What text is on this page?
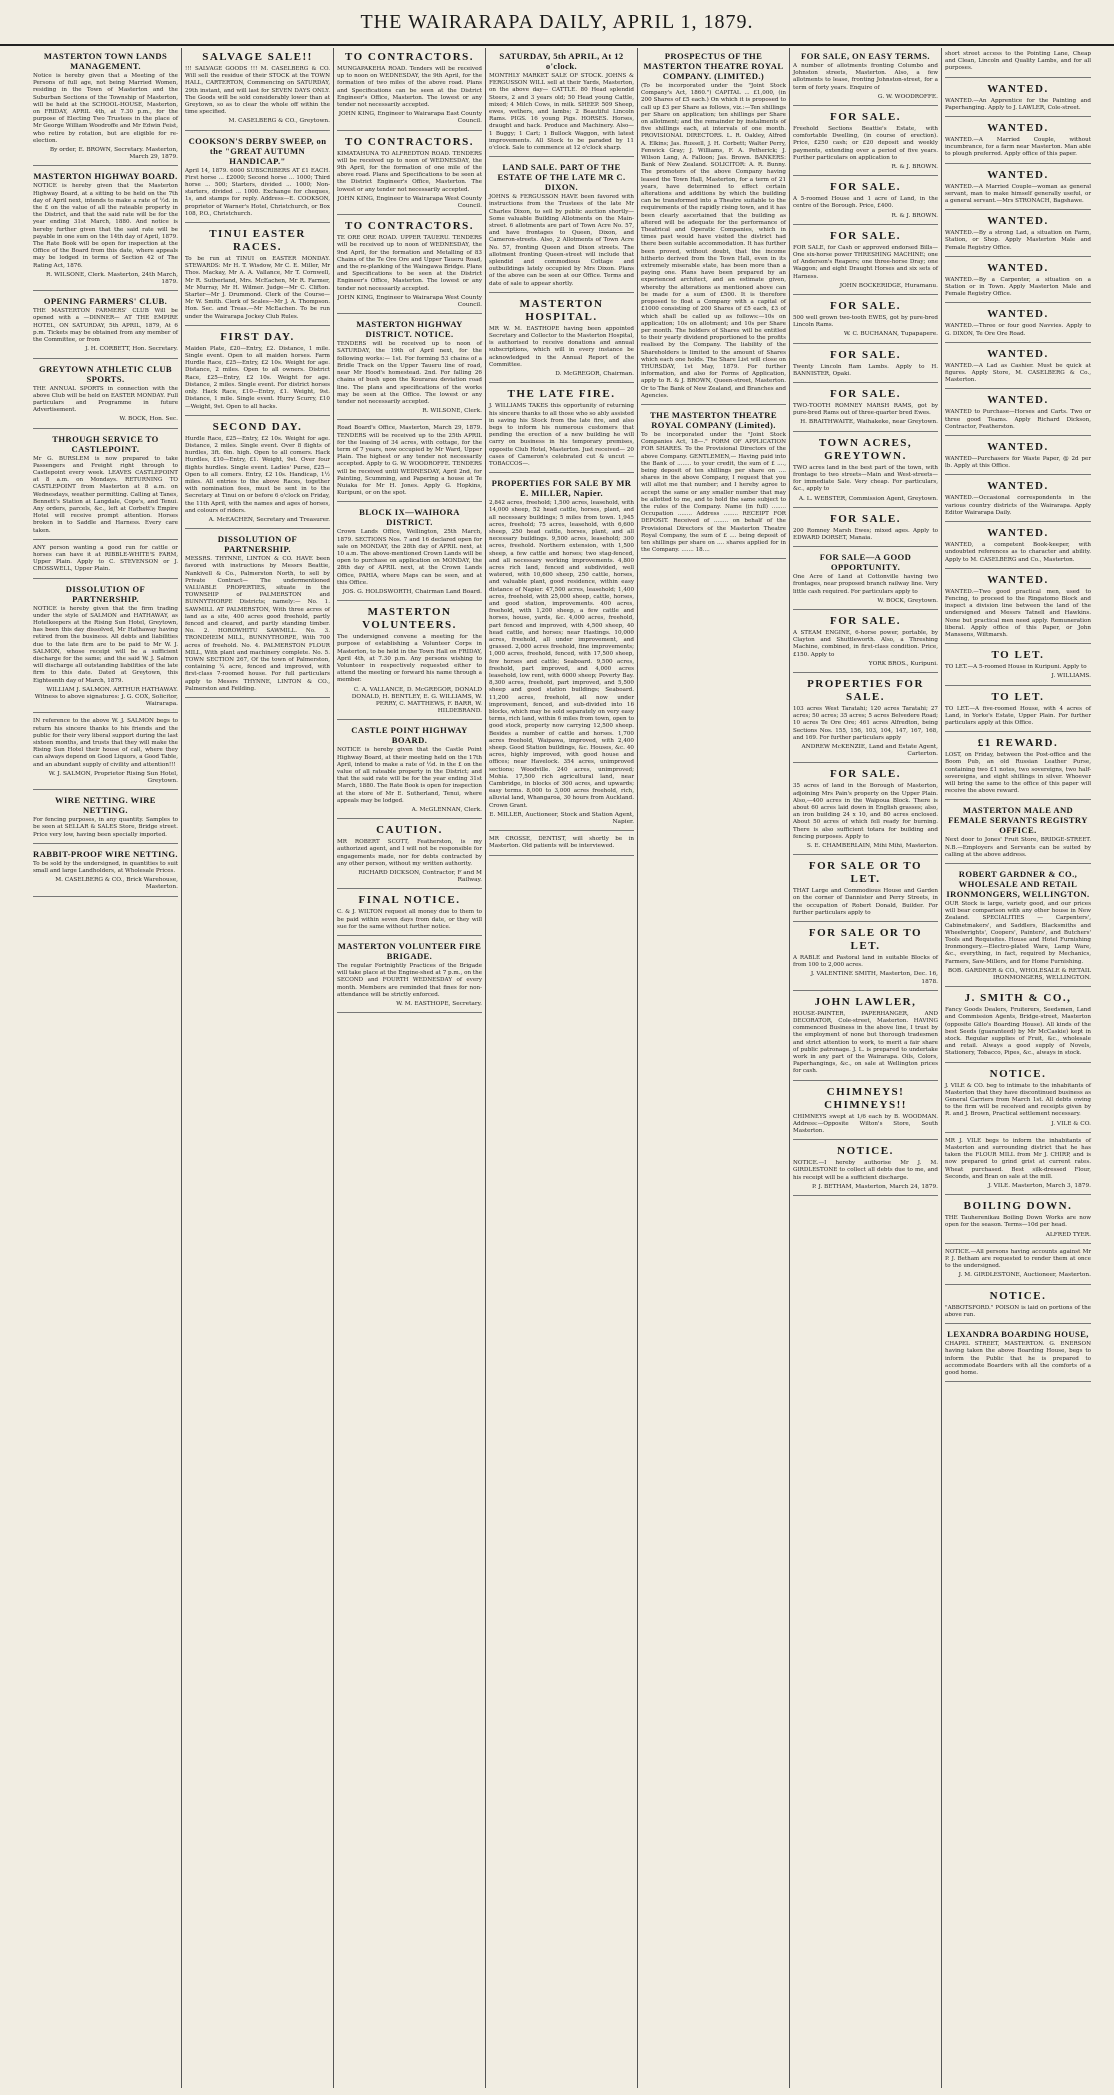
THE WAIRARAPA DAILY, APRIL 1, 1879.
MASTERTON TOWN LANDS MANAGEMENT.

Notice is hereby given that a Meeting of the Persons of full age, not being Married Women, residing in the Town of Masterton and the Suburban Sections of the Township of Masterton, will be held at the SCHOOL-HOUSE, Masterton, on FRIDAY, APRIL 4th, at 7.30 p.m., for the purpose of Electing Two Trustees in the place of Mr George William Woodroffe and Mr Edwin Feist, who retire by rotation, but are eligible for re-election.

By order, E. BROWN, Secretary. Masterton, March 29, 1879.
MASTERTON HIGHWAY BOARD.

NOTICE is hereby given that the Masterton Highway Board, at a sitting to be held on the 7th day of April next, intends to make a rate of ½d. in the £ on the value of all the rateable property in the District, and that the said rate will be for the year ending 31st March, 1880. And notice is hereby further given that the said rate will be payable in one sum on the 14th day of April, 1879. The Rate Book will be open for inspection at the Office of the Board from this date, where appeals may be lodged in terms of Section 42 of The Rating Act, 1876.

R. WILSONE, Clerk. Masterton, 24th March, 1879.
OPENING FARMERS' CLUB.

THE MASTERTON FARMERS' CLUB Will be opened with a —DINNER— AT THE EMPIRE HOTEL, ON SATURDAY, 5th APRIL, 1879, At 6 p.m. Tickets may be obtained from any member of the Committee, or from

J. H. CORBETT, Hon. Secretary.
GREYTOWN ATHLETIC CLUB SPORTS.

THE ANNUAL SPORTS in connection with the above Club will be held on EASTER MONDAY. Full particulars and Programme in future Advertisement.

W. BOCK, Hon. Sec.
THROUGH SERVICE TO CASTLEPOINT.

Mr G. BURSLEM is now prepared to take Passengers and Freight right through to Castlepoint every week. LEAVES CASTLEPOINT at 8 a.m. on Mondays. RETURNING TO CASTLEPOINT from Masterton at 8 a.m. on Wednesdays, weather permitting. Calling at Tanes, Bennett's Station at Langdale, Cope's, and Tenui. Any orders, parcels, &c., left at Corbett's Empire Hotel will receive prompt attention. Horses broken in to Saddle and Harness. Every care taken.

ANY person wanting a good run for cattle or horses can have it at RIBBLE-WHITE'S FARM, Upper Plain. Apply to C. STEVENSON or J. CROSSWELL, Upper Plain.

DISSOLUTION OF PARTNERSHIP.

NOTICE is hereby given that the firm trading under the style of SALMON and HATHAWAY, as Hotelkeepers at the Rising Sun Hotel, Greytown, has been this day dissolved, Mr Hathaway having retired from the business. All debts and liabilities due to the late firm are to be paid to Mr W. J. SALMON, whose receipt will be a sufficient discharge for the same; and the said W. J. Salmon will discharge all outstanding liabilities of the late firm to this date. Dated at Greytown, this Eighteenth day of March, 1879.

WILLIAM J. SALMON. ARTHUR HATHAWAY. Witness to above signatures: J. G. COX, Solicitor, Wairarapa.

IN reference to the above W. J. SALMON begs to return his sincere thanks to his friends and the public for their very liberal support during the last sixteen months, and trusts that they will make the Rising Sun Hotel their house of call, where they can always depend on Good Liquors, a Good Table, and an abundant supply of civility and attention!!!

W. J. SALMON, Proprietor Rising Sun Hotel, Greytown.
WIRE NETTING. WIRE NETTING.

For fencing purposes, in any quantity. Samples to be seen at SELLAR & SALES Store, Bridge street. Price very low, having been specially imported.

RABBIT-PROOF WIRE NETTING.

To be sold by the undersigned, in quantities to suit small and large Landholders, at Wholesale Prices.

M. CASELBERG & CO., Brick Warehouse, Masterton.
SALVAGE SALE!!

!!! SALVAGE GOODS !!! M. CASELBERG & CO. Will sell the residue of their STOCK at the TOWN HALL, CARTERTON, Commencing on SATURDAY, 29th instant, and will last for SEVEN DAYS ONLY. The Goods will be sold considerably lower than at Greytown, so as to clear the whole off within the time specified.

M. CASELBERG & CO., Greytown.
COOKSON'S DERBY SWEEP, on the "GREAT AUTUMN HANDICAP."

April 14, 1879. 6000 SUBSCRIBERS AT £1 EACH. First horse ... £2000; Second horse ... 1000; Third horse ... 500; Starters, divided ... 1000; Non-starters, divided ... 1000. Exchange for cheques, 1s, and stamps for reply. Address—E. COOKSON, proprietor of Warner's Hotel, Christchurch, or Box 108, P.O., Christchurch.

TINUI EASTER RACES.

To be run at TINUI on EASTER MONDAY. STEWARDS: Mr H. T. Wisdow, Mr C. E. Miller, Mr Thos. Mackay, Mr A. A. Vallance, Mr T. Cornwell, Mr R. Sutherland, Mrs. McEachen, Mr R. Farmer, Mr Murray, Mr H. Wilmer. Judge—Mr C. Clifton. Starter—Mr J. Drummond. Clerk of the Course—Mr W. Smith. Clerk of Scales—Mr J. A. Thompson. Hon. Sec. and Treas.—Mr McEachen. To be run under the Wairarapa Jockey Club Rules.

FIRST DAY.

Maiden Plate, £20—Entry, £2. Distance, 1 mile. Single event. Open to all maiden horses. Farm Hurdle Race, £25—Entry, £2 10s. Weight for age. Distance, 2 miles. Open to all owners. District Race, £25—Entry, £2 10s. Weight for age. Distance, 2 miles. Single event. For district horses only. Hack Race, £10—Entry, £1. Weight, 9st. Distance, 1 mile. Single event. Hurry Scurry, £10—Weight, 9st. Open to all hacks.

SECOND DAY.

Hurdle Race, £25—Entry, £2 10s. Weight for age. Distance, 2 miles. Single event. Over 8 flights of hurdles, 3ft. 6in. high. Open to all comers. Hack Hurdles, £10—Entry, £1. Weight, 9st. Over four flights hurdles. Single event. Ladies' Purse, £25—Open to all comers. Entry, £2 10s. Handicap, 1½ miles. All entries to the above Races, together with nomination fees, must be sent in to the Secretary at Tinui on or before 6 o'clock on Friday, the 11th April, with the names and ages of horses, and colours of riders.

A. McEACHEN, Secretary and Treasurer.
DISSOLUTION OF PARTNERSHIP.

MESSRS. THYNNE, LINTON & CO. HAVE been favored with instructions by Messrs Beattie, Nankivell & Co., Palmerston North, to sell by Private Contract— The undermentioned VALUABLE PROPERTIES, situate in the TOWNSHIP of PALMERSTON and BUNNYTHORPE Districts; namely:— No. 1. SAWMILL AT PALMERSTON, With three acres of land as a site, 400 acres good freehold, partly fenced and cleared, and partly standing timber. No. 2. HOROWHITU SAWMILL. No. 3. TRONDHEIM MILL, BUNNYTHORPE, With 700 acres of freehold. No. 4. PALMERSTON FLOUR MILL, With plant and machinery complete. No. 5. TOWN SECTION 267, Of the town of Palmerston, containing ¼ acre, fenced and improved, with first-class 7-roomed house. For full particulars apply to Messrs THYNNE, LINTON & CO., Palmerston and Feilding.

TO CONTRACTORS.

MUNGAPAKEHA ROAD. Tenders will be received up to noon on WEDNESDAY, the 9th April, for the formation of two miles of the above road. Plans and Specifications can be seen at the District Engineer's Office, Masterton. The lowest or any tender not necessarily accepted.

JOHN KING, Engineer to Wairarapa East County Council.
TO CONTRACTORS.

KIMATAHUNA TO ALFREDTON ROAD. TENDERS will be received up to noon of WEDNESDAY, the 9th April, for the formation of one mile of the above road. Plans and Specifications to be seen at the District Engineer's Office, Masterton. The lowest or any tender not necessarily accepted.

JOHN KING, Engineer to Wairarapa West County Council.
TO CONTRACTORS.

TE ORE ORE ROAD. UPPER TAUERU. TENDERS will be received up to noon of WEDNESDAY, the 9nd April, for the formation and Metalling of 83 Chains of the Te Ore Ore and Upper Taueru Road, and the re-planking of the Waingawa Bridge. Plans and Specifications to be seen at the District Engineer's Office, Masterton. The lowest or any tender not necessarily accepted.

JOHN KING, Engineer to Wairarapa West County Council.
MASTERTON HIGHWAY DISTRICT. NOTICE.

TENDERS will be received up to noon of SATURDAY, the 19th of April next, for the following works:— 1st. For forming 53 chains of a Bridle Track on the Upper Taueru line of road, near Mr Hood's homestead. 2nd. For falling 26 chains of bush upon the Kourarau deviation road line. The plans and specifications of the works may be seen at the Office. The lowest or any tender not necessarily accepted.

R. WILSONE, Clerk.

Road Board's Office, Masterton, March 29, 1879. TENDERS will be received up to the 25th APRIL for the leasing of 34 acres, with cottage, for the term of 7 years, now occupied by Mr Ward, Upper Plain. The highest or any tender not necessarily accepted. Apply to G. W. WOODROFFE. TENDERS will be received until WEDNESDAY, April 2nd, for Painting, Scumming, and Papering a house at Te Nuiaka for Mr H. Jones. Apply G. Hopkins, Kuripuni, or on the spot.

BLOCK IX—WAIHORA DISTRICT.

Crown Lands Office, Wellington, 25th March, 1879. SECTIONS Nos. 7 and 16 declared open for sale on MONDAY, the 28th day of APRIL next, at 10 a.m. The above-mentioned Crown Lands will be open to purchase on application on MONDAY, the 28th day of APRIL next, at the Crown Lands Office, PAHIA, where Maps can be seen, and at this Office.

JOS. G. HOLDSWORTH, Chairman Land Board.
MASTERTON VOLUNTEERS.

The undersigned convene a meeting for the purpose of establishing a Volunteer Corps in Masterton, to be held in the Town Hall on FRIDAY, April 4th, at 7.30 p.m. Any persons wishing to Volunteer in respectively requested either to attend the meeting or forward his name through a member.

C. A. VALLANCE, D. McGREGOR, DONALD DONALD, H. BENTLEY, E. G. WILLIAMS, W. PERRY, C. MATTHEWS, F. BARR, W. HILDEBRAND.
CASTLE POINT HIGHWAY BOARD.

NOTICE is hereby given that the Castle Point Highway Board, at their meeting held on the 17th April, intend to make a rate of ½d. in the £ on the value of all rateable property in the District; and that the said rate will be for the year ending 31st March, 1880. The Rate Book is open for inspection at the store of Mr E. Sutherland, Tenui, where appeals may be lodged.

A. McGLENNAN, Clerk.
CAUTION.

MR ROBERT SCOTT, Featherston, is my authorized agent, and I will not be responsible for engagements made, nor for debts contracted by any other person, without my written authority.

RICHARD DICKSON, Contractor, F and M Railway.
FINAL NOTICE.

C. & J. WILTON request all money due to them to be paid within seven days from date, or they will sue for the same without further notice.

MASTERTON VOLUNTEER FIRE BRIGADE.

The regular Fortnightly Practices of the Brigade will take place at the Engine-shed at 7 p.m., on the SECOND and FOURTH WEDNESDAY of every month. Members are reminded that fines for non-attendance will be strictly enforced.

W. M. EASTHOPE, Secretary.
SATURDAY, 5th APRIL, At 12 o'clock.

MONTHLY MARKET SALE OF STOCK. JOHNS & FERGUSSON WILL sell at their Yards, Masterton, on the above day— CATTLE. 80 Head splendid Steers, 2 and 3 years old; 50 Head young Cattle, mixed; 4 Milch Cows, in milk. SHEEP. 509 Sheep, ewes, wethers, and lambs; 2 Beautiful Lincoln Rams. PIGS. 16 young Pigs. HORSES. Horses, draught and hack. Produce and Machinery. Also— 1 Buggy; 1 Cart; 1 Bullock Waggon, with latest improvements. All Stock to be paraded by 11 o'clock. Sale to commence at 12 o'clock sharp.

LAND SALE. PART OF THE ESTATE OF THE LATE MR C. DIXON.

JOHNS & FERGUSSON HAVE been favored with instructions from the Trustees of the late Mr Charles Dixon, to sell by public auction shortly— Some valuable Building Allotments on the Main-street. 6 allotments are part of Town Acre No. 57, and have frontages to Queen, Dixon, and Cameron-streets. Also, 2 Allotments of Town Acre No. 57, fronting Queen and Dixon streets. The allotment fronting Queen-street will include that splendid and commodious Cottage and outbuildings lately occupied by Mrs Dixon. Plans of the above can be seen at our Office. Terms and date of sale to appear shortly.

MASTERTON HOSPITAL.

MR W. M. EASTHOPE having been appointed Secretary and Collector to the Masterton Hospital, is authorised to receive donations and annual subscriptions, which will in every instance be acknowledged in the Annual Report of the Committee.

D. McGREGOR, Chairman.
THE LATE FIRE.

J. WILLIAMS TAKES this opportunity of returning his sincere thanks to all those who so ably assisted in saving his Stock from the late fire, and also begs to inform his numerous customers that pending the erection of a new building he will carry on business in his temporary premises, opposite Club Hotel, Masterton. Just received— 20 cases of Cameron's celebrated cut & uncut —TOBACCOS—.

PROPERTIES FOR SALE BY MR E. MILLER, Napier.

2,842 acres, freehold; 1,500 acres, leasehold, with 14,000 sheep, 52 head cattle, horses, plant, and all necessary buildings; 5 miles from town. 1,945 acres, freehold; 75 acres, leasehold, with 6,600 sheep, 250 head cattle, horses, plant, and all necessary buildings. 9,500 acres, leasehold; 300 acres, freehold. Northern extension, with 1,500 sheep, a few cattle and horses; two stag-fenced, and all necessary working improvements. 4,800 acres rich land, fenced and subdivided, well watered, with 10,600 sheep, 250 cattle, horses, and valuable plant, good residence, within easy distance of Napier. 47,500 acres, leasehold; 1,400 acres, freehold, with 25,000 sheep, cattle, horses, and good station, improvements. 400 acres, freehold, with 1,200 sheep, a few cattle and horses, house, yards, &c. 4,000 acres, freehold, part fenced and improved, with 4,500 sheep, 40 head cattle, and horses; near Hastings. 10,000 acres, freehold, all under improvement, and grassed. 2,000 acres freehold, fine improvements; 1,000 acres, freehold, fenced, with 17,500 sheep, few horses and cattle; Seaboard. 9,500 acres, freehold, part improved, and 4,000 acres leasehold, low rent, with 6000 sheep; Poverty Bay. 8,300 acres, freehold, part improved, and 5,500 sheep and good station buildings; Seaboard. 11,200 acres, freehold, all now under improvement, fenced, and sub-divided into 16 blocks, which may be sold separately on very easy terms, rich land, within 6 miles from town, open to good stock, property now carrying 12,500 sheep. Besides a number of cattle and horses. 1,700 acres freehold, Waipawa, improved, with 2,400 sheep. Good Station buildings, &c. Houses, &c. 40 acres, highly improved, with good house and offices; near Havelock. 354 acres, unimproved sections; Woodville. 240 acres, unimproved; Mohia. 17,500 rich agricultural land, near Cambridge, in blocks of 300 acres, and upwards; easy terms. 8,000 to 3,000 acres freehold, rich, alluvial land, Whangaroa, 30 hours from Auckland. Crown Grant.

E. MILLER, Auctioneer, Stock and Station Agent, Napier.

MR CROSSE, DENTIST, will shortly be in Masterton. Old patients will be interviewed.

PROSPECTUS OF THE MASTERTON THEATRE ROYAL COMPANY. (LIMITED.)

(To be incorporated under the "Joint Stock Company's Act, 1860.") CAPITAL ... £1,000, (in 200 Shares of £5 each.) On which it is proposed to call up £3 per Share as follows, viz.:—Ten shillings per Share on application; ten shillings per Share on allotment; and the remainder by instalments of five shillings each, at intervals of one month. PROVISIONAL DIRECTORS. L. R. Oakley, Alfred A. Elkins; Jas. Russell, J. H. Corbett; Walter Perry, Fenwick Gray; J. Williams, F. A. Petherick; J. Wilson Lang, A. Falloon; Jas. Brown. BANKERS: Bank of New Zealand. SOLICITOR: A. R. Bunny. The promoters of the above Company having leased the Town Hall, Masterton, for a term of 21 years, have determined to effect certain alterations and additions by which the building can be transformed into a Theatre suitable to the requirements of the rapidly rising town, and it has been clearly ascertained that the building as altered will be adequate for the performance of Theatrical and Operatic Companies, which in times past would have visited the district had there been suitable accommodation. It has further been proved, without doubt, that the income hitherto derived from the Town Hall, even in its extremely miserable state, has been more than a paying one. Plans have been prepared by an experienced architect, and an estimate given, whereby the alterations as mentioned above can be made for a sum of £500. It is therefore proposed to float a Company with a capital of £1000 consisting of 200 Shares of £5 each, £3 of which shall be called up as follows:—10s on application; 10s on allotment; and 10s per Share per month. The holders of Shares will be entitled to their yearly dividend proportioned to the profits realised by the Company. The liability of the Shareholders is limited to the amount of Shares which each one holds. The Share List will close on THURSDAY, 1st May, 1879. For further information, and also for Forms of Application, apply to R. & J. BROWN, Queen-street, Masterton. Or to The Bank of New Zealand, and Branches and Agencies.

THE MASTERTON THEATRE ROYAL COMPANY (Limited).

To be incorporated under the "Joint Stock Companies Act, 18—." FORM OF APPLICATION FOR SHARES. To the Provisional Directors of the above Company. GENTLEMEN,— Having paid into the Bank of ........ to your credit, the sum of £ ...., being deposit of ten shillings per share on .... shares in the above Company, I request that you will allot me that number; and I hereby agree to accept the same or any smaller number that may be allotted to me, and to hold the same subject to the rules of the Company. Name (in full) ........ Occupation ........ Address ........ RECEIPT FOR DEPOSIT. Received of ........ on behalf of the Provisional Directors of the Masterton Theatre Royal Company, the sum of £ .... being deposit of ten shillings per share on .... shares applied for in the Company. ....... 18....

FOR SALE, ON EASY TERMS.

A number of allotments fronting Columbo and Johnston streets, Masterton. Also, a few allotments to lease, fronting Johnston-street, for a term of forty years. Enquire of

G. W. WOODROFFE.
FOR SALE.

Freehold Sections Beattie's Estate, with comfortable Dwelling, (in course of erection). Price, £250 cash; or £20 deposit and weekly payments, extending over a period of five years. Further particulars on application to

R. & J. BROWN.
FOR SALE.

A 5-roomed House and 1 acre of Land, in the centre of the Borough. Price, £400.

R. & J. BROWN.
FOR SALE.

FOR SALE, for Cash or approved endorsed Bills—One six-horse power THRESHING MACHINE; one of Anderson's Reapers; one three-horse Dray; one Waggon; and eight Draught Horses and six sets of Harness.

JOHN BOCKERIDGE, Huramanu.
FOR SALE.

500 well grown two-tooth EWES, got by pure-bred Lincoln Rams.

W. C. BUCHANAN, Tupapapere.
FOR SALE.

Twenty Lincoln Ram Lambs. Apply to H. BANNISTER, Opaki.

FOR SALE.

TWO-TOOTH ROMNEY MARSH RAMS, got by pure-bred Rams out of three-quarter bred Ewes.

H. BRAITHWAITE, Waihakeke, near Greytown.
TOWN ACRES, GREYTOWN.

TWO acres land in the best part of the town, with frontage to two streets—Main and West-streets—for immediate Sale. Very cheap. For particulars, &c., apply to

A. L. WEBSTER, Commission Agent, Greytown.
FOR SALE.

200 Romney Marsh Ewes; mixed ages. Apply to EDWARD DORSET, Manaia.

FOR SALE—A GOOD OPPORTUNITY.

One Acre of Land at Cottonville having two frontages, near proposed branch railway line. Very little cash required. For particulars apply to

W. BOCK, Greytown.
FOR SALE.

A STEAM ENGINE, 6-horse power, portable, by Clayton and Shuttleworth. Also, a Threshing Machine, combined, in first-class condition. Price, £150. Apply to

YORK BROS., Kuripuni.
PROPERTIES FOR SALE.

103 acres West Taratahi; 120 acres Taratahi; 27 acres; 50 acres; 35 acres; 5 acres Belvedere Road; 10 acres Te Ore Ore; 461 acres Alfredton, being Sections Nos. 155, 156, 103, 104, 147, 167, 168, and 169. For further particulars apply

ANDREW McKENZIE, Land and Estate Agent, Carterton.
FOR SALE.

35 acres of land in the Borough of Masterton, adjoining Mrs Pain's property on the Upper Plain. Also,—400 acres in the Waipoua Block. There is about 60 acres laid down in English grasses; also, an iron building 24 x 10, and 80 acres enclosed. About 50 acres of which fell ready for burning. There is also sufficient totara for building and fencing purposes. Apply to

S. E. CHAMBERLAIN, Mihi Mihi, Masterton.
FOR SALE OR TO LET.

THAT Large and Commodious House and Garden on the corner of Dannister and Perry Streets, in the occupation of Robert Donald, Builder. For further particulars apply to

FOR SALE OR TO LET.

A RABLE and Pastoral land in suitable Blocks of from 100 to 2,000 acres.

J. VALENTINE SMITH, Masterton, Dec. 16, 1878.
JOHN LAWLER,

HOUSE-PAINTER, PAPERHANGER, AND DECORATOR, Cole-street, Masterton. HAVING commenced Business in the above line, I trust by the employment of none but thorough tradesmen and strict attention to work, to merit a fair share of public patronage. J. L. is prepared to undertake work in any part of the Wairarapa. Oils, Colors, Paperhangings, &c., on sale at Wellington prices for cash.

CHIMNEYS! CHIMNEYS!!

CHIMNEYS swept at 1/6 each by B. WOODMAN. Address:—Opposite Wilton's Store, South Masterton.

NOTICE.

NOTICE.—I hereby authorise Mr J. M. GIRDLESTONE to collect all debts due to me, and his receipt will be a sufficient discharge.

P. J. BETHAM, Masterton, March 24, 1879.

short street access to the Pointing Lane, Cheap and Clean, Lincoln and Quality Lambs, and for all purposes.

WANTED.

WANTED.—An Apprentice for the Painting and Paperhanging. Apply to J. LAWLER, Cole-street.

WANTED.

WANTED.—A Married Couple, without incumbrance, for a farm near Masterton. Man able to plough preferred. Apply office of this paper.

WANTED.

WANTED.—A Married Couple—woman as general servant, man to make himself generally useful, or a general servant.—Mrs STRONACH, Bagshawe.

WANTED.

WANTED.—By a strong Lad, a situation on Farm, Station, or Shop. Apply Masterton Male and Female Registry Office.

WANTED.

WANTED.—By a Carpenter, a situation on a Station or in Town. Apply Masterton Male and Female Registry Office.

WANTED.

WANTED.—Three or four good Navvies. Apply to G. DIXON, Te Ore Ore Road.

WANTED.

WANTED.—A Lad as Cashier. Must be quick at figures. Apply Store, M. CASELBERG & Co., Masterton.

WANTED.

WANTED to Purchase—Horses and Carts. Two or three good Teams. Apply Richard Dickson, Contractor, Featherston.

WANTED.

WANTED—Purchasers for Waste Paper, @ 2d per lb. Apply at this Office.

WANTED.

WANTED.—Occasional correspondents in the various country districts of the Wairarapa. Apply Editor Wairarapa Daily.

WANTED.

WANTED, a competent Book-keeper, with undoubted references as to character and ability. Apply to M. CASELBERG and Co., Masterton.

WANTED.

WANTED.—Two good practical men, used to Fencing, to proceed to the Ringatomo Block and inspect a division line between the land of the undersigned and Messrs Tatnell and Hawkins. None but practical men need apply. Remuneration liberal. Apply office of this Paper, or John Manssens, Wiltmarsh.

TO LET.

TO LET.—A 5-roomed House in Kuripuni. Apply to

J. WILLIAMS.
TO LET.

TO LET.—A five-roomed House, with 4 acres of Land, in Yorke's Estate, Upper Plain. For further particulars apply at this Office.

£1 REWARD.

LOST, on Friday, between the Post-office and the Boom Pub, an old Russian Leather Purse, containing two £1 notes, two sovereigns, two half-sovereigns, and eight shillings in silver. Whoever will bring the same to the office of this paper will receive the above reward.

MASTERTON MALE AND FEMALE SERVANTS REGISTRY OFFICE.

Next door to Jones' Fruit Store, BRIDGE-STREET. N.B.—Employers and Servants can be suited by calling at the above address.

ROBERT GARDNER & CO., WHOLESALE AND RETAIL IRONMONGERS, WELLINGTON.

OUR Stock is large, variety good, and our prices will bear comparison with any other house in New Zealand. SPECIALITIES — Carpenters', Cabinetmakers', and Saddlers, Blacksmiths and Wheelwrights', Coopers', Painters', and Butchers' Tools and Requisites. House and Hotel Furnishing Ironmongery.—Electro-plated Ware, Lamp Ware, &c., everything, in fact, required by Mechanics, Farmers, Saw-Millers, and for Home Furnishing.

BOB. GARDNER & CO., WHOLESALE & RETAIL IRONMONGERS, WELLINGTON.
J. SMITH & CO.,

Fancy Goods Dealers, Fruiterers, Seedsmen, Land and Commission Agents, Bridge-street, Masterton (opposite Gillo's Boarding House). All kinds of the best Seeds (guaranteed) by Mr McCaskie) kept in stock. Regular supplies of Fruit, &c., wholesale and retail. Always a good supply of Novels, Stationery, Tobacco, Pipes, &c., always in stock.

NOTICE.

J. VILE & CO. beg to intimate to the inhabitants of Masterton that they have discontinued business as General Carriers from March 1st. All debts owing to the firm will be received and receipts given by R. and J. Brown, Practical settlement necessary.

J. VILE & CO.

MR J. VILE begs to inform the inhabitants of Masterton and surrounding district that he has taken the FLOUR MILL from Mr J. CHIRP, and is now prepared to grind grist at current rates. Wheat purchased. Best silk-dressed Flour, Seconds, and Bran on sale at the mill.

J. VILE. Masterton, March 3, 1879.
BOILING DOWN.

THE Tauherenikau Boiling Down Works are now open for the season. Terms—10d per head.

ALFRED TYER.

NOTICE.—All persons having accounts against Mr P. J. Betham are requested to render them at once to the undersigned.

J. M. GIRDLESTONE, Auctioneer, Masterton.
NOTICE.

"ABBOTSFORD." POISON is laid on portions of the above run.

LEXANDRA BOARDING HOUSE,

CHAPEL STREET, MASTERTON. G. ENERSON having taken the above Boarding House, begs to inform the Public that he is prepared to accommodate Boarders with all the comforts of a good home.
